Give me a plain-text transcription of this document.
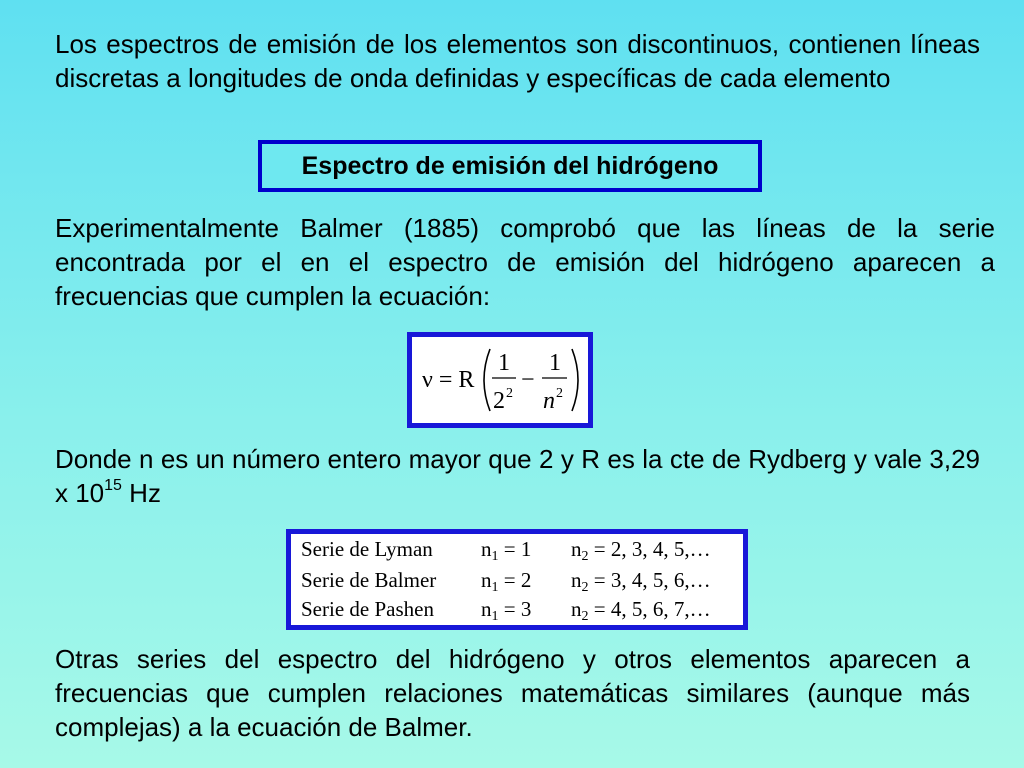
Los espectros de emisión de los elementos son discontinuos, contienen líneas discretas a longitudes de onda definidas y específicas de cada elemento

Espectro de emisión del hidrógeno

Experimentalmente Balmer (1885) comprobó que las líneas de la serie encontrada por el en el espectro de emisión del hidrógeno aparecen a frecuencias que cumplen la ecuación:

ν = R
1
2 2
−
1
n 2

Donde n es un número entero mayor que 2 y R es la cte de Rydberg y vale 3,29 x $10^{15}$ Hz

Serie de Lyman $n_1 = 1$ $n_2 = 2$, 3, 4, 5,…
Serie de Balmer $n_1 = 2$ $n_2 = 3$, 4, 5, 6,…
Serie de Pashen $n_1 = 3$ $n_2 = 4$, 5, 6, 7,…

Otras series del espectro del hidrógeno y otros elementos aparecen a frecuencias que cumplen relaciones matemáticas similares (aunque más complejas) a la ecuación de Balmer.
